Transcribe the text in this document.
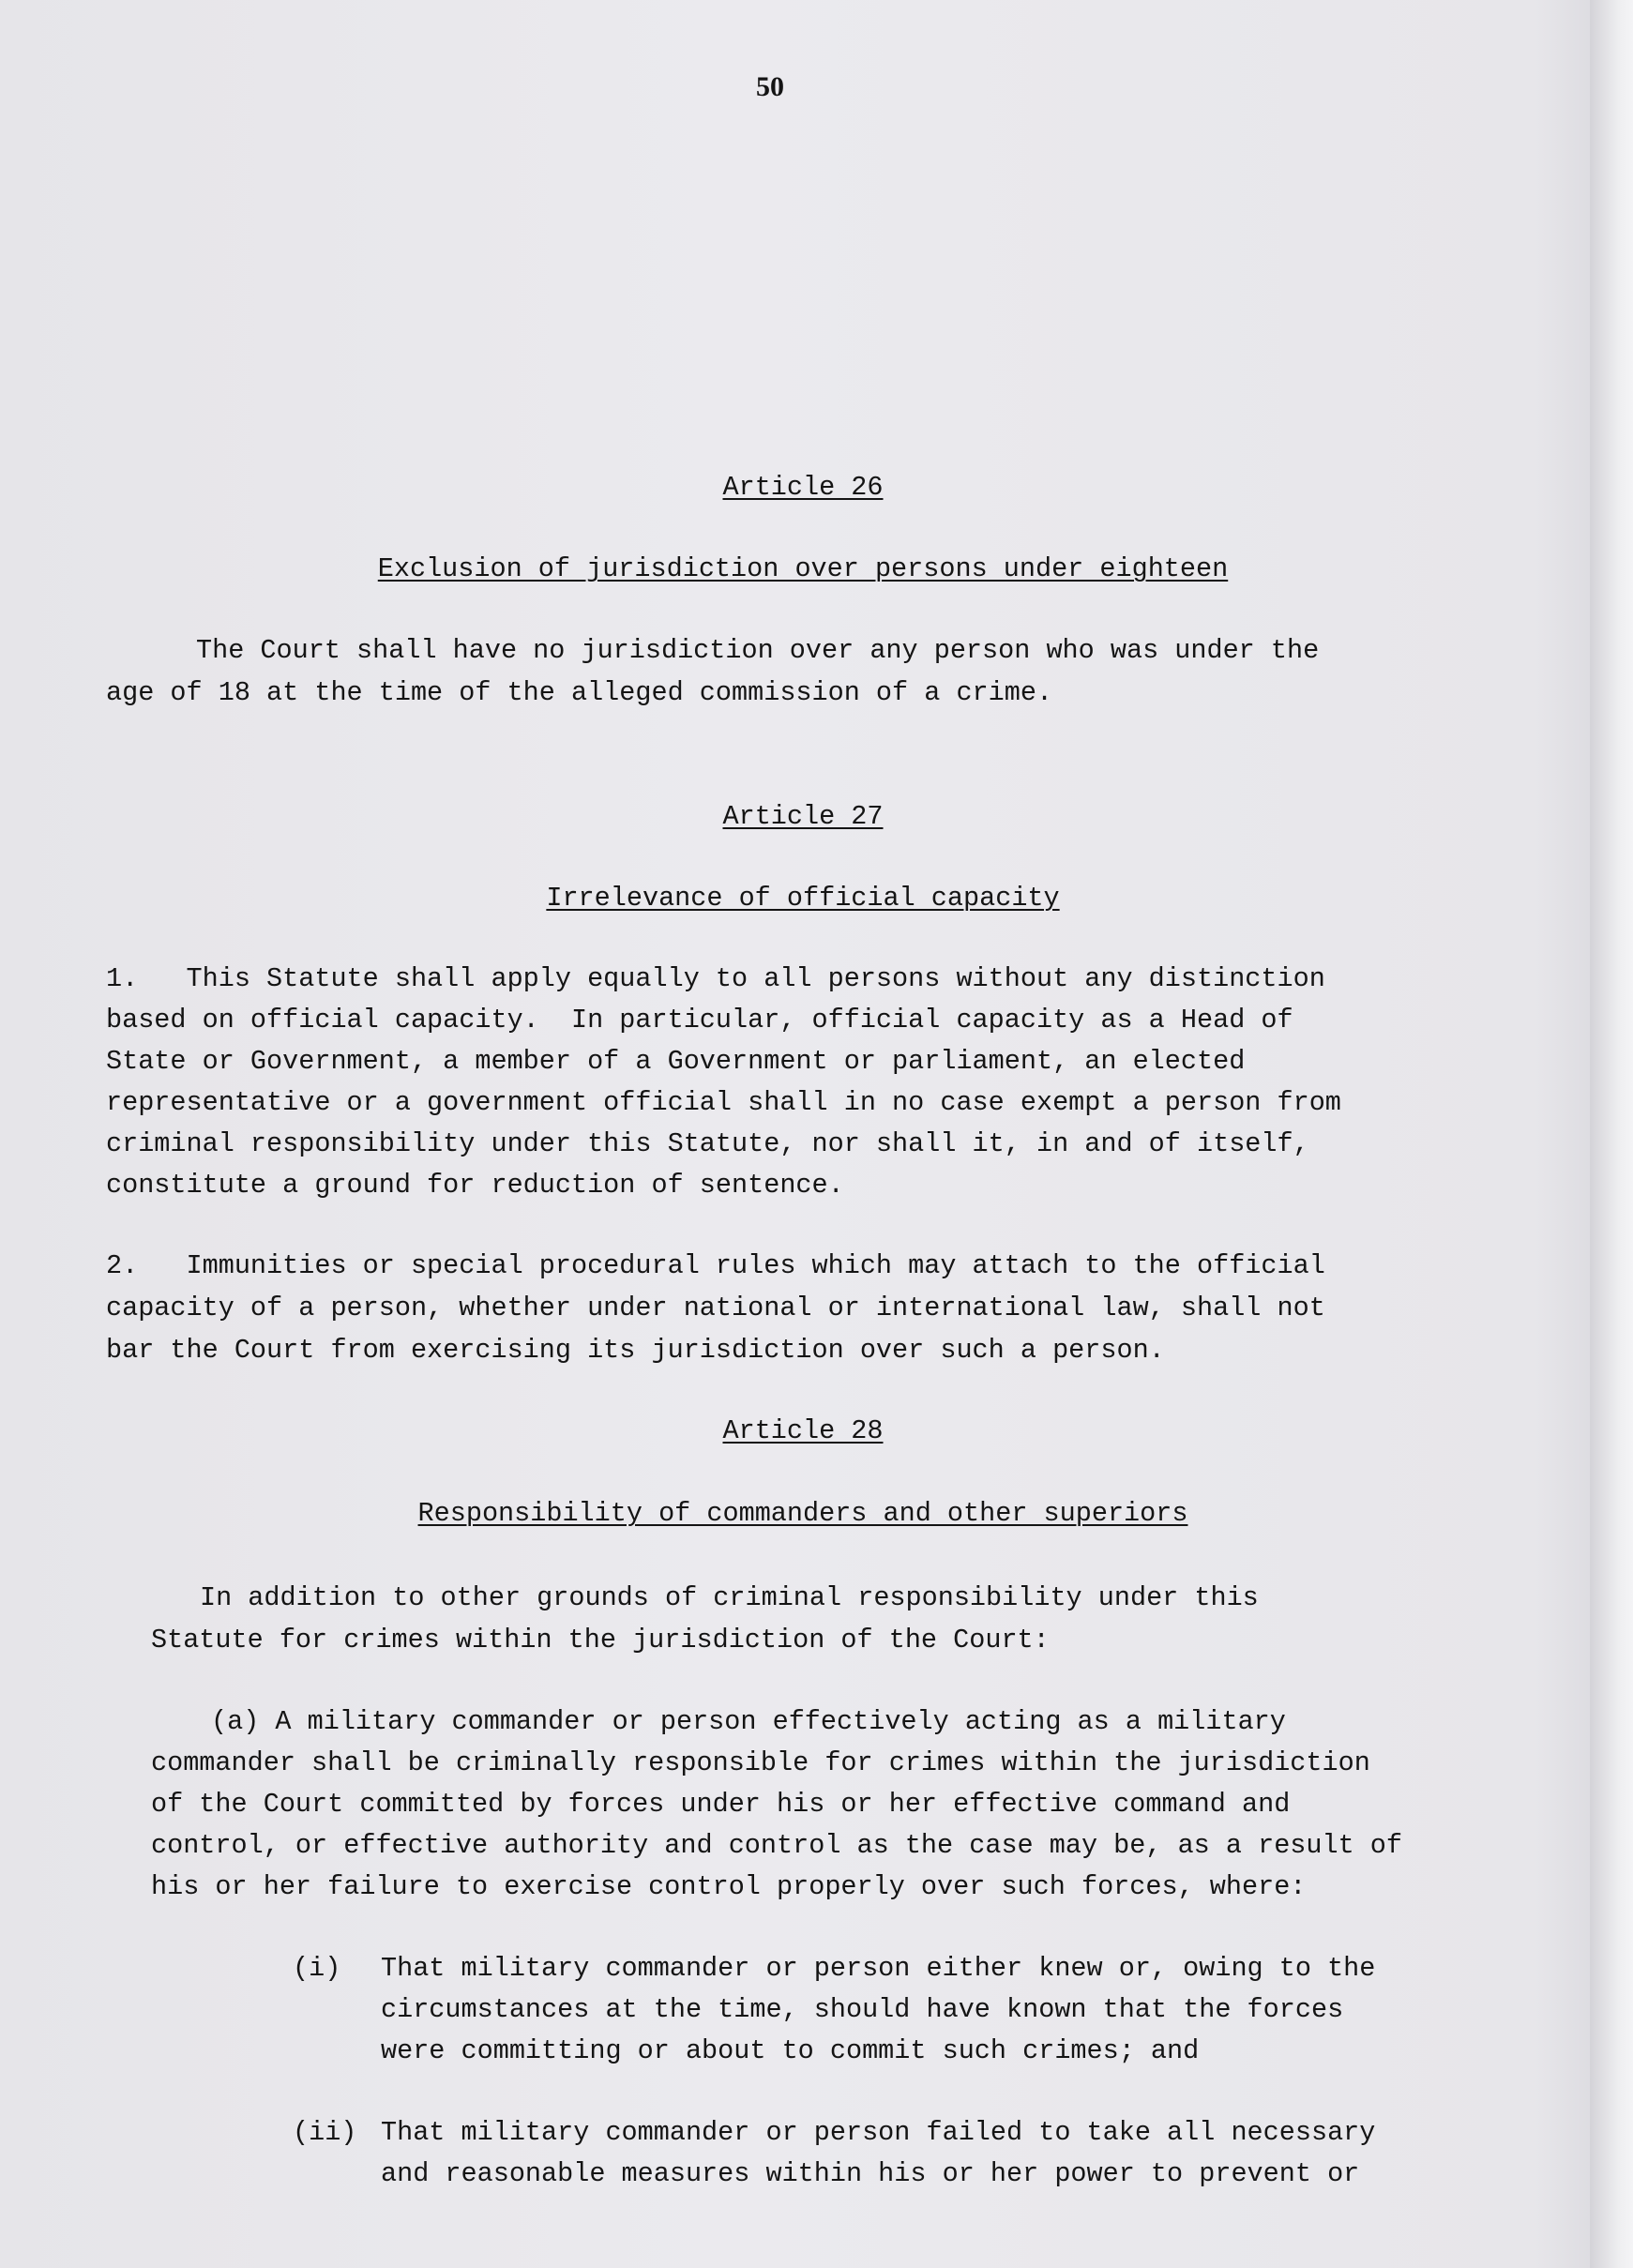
50
Article 26
Exclusion of jurisdiction over persons under eighteen
The Court shall have no jurisdiction over any person who was under the
age of 18 at the time of the alleged commission of a crime.
Article 27
Irrelevance of official capacity
1.   This Statute shall apply equally to all persons without any distinction
based on official capacity.  In particular, official capacity as a Head of
State or Government, a member of a Government or parliament, an elected
representative or a government official shall in no case exempt a person from
criminal responsibility under this Statute, nor shall it, in and of itself,
constitute a ground for reduction of sentence.
2.   Immunities or special procedural rules which may attach to the official
capacity of a person, whether under national or international law, shall not
bar the Court from exercising its jurisdiction over such a person.
Article 28
Responsibility of commanders and other superiors
In addition to other grounds of criminal responsibility under this
Statute for crimes within the jurisdiction of the Court:
(a) A military commander or person effectively acting as a military
commander shall be criminally responsible for crimes within the jurisdiction
of the Court committed by forces under his or her effective command and
control, or effective authority and control as the case may be, as a result of
his or her failure to exercise control properly over such forces, where:
(i) That military commander or person either knew or, owing to the
circumstances at the time, should have known that the forces
were committing or about to commit such crimes; and
(ii) That military commander or person failed to take all necessary
and reasonable measures within his or her power to prevent or
